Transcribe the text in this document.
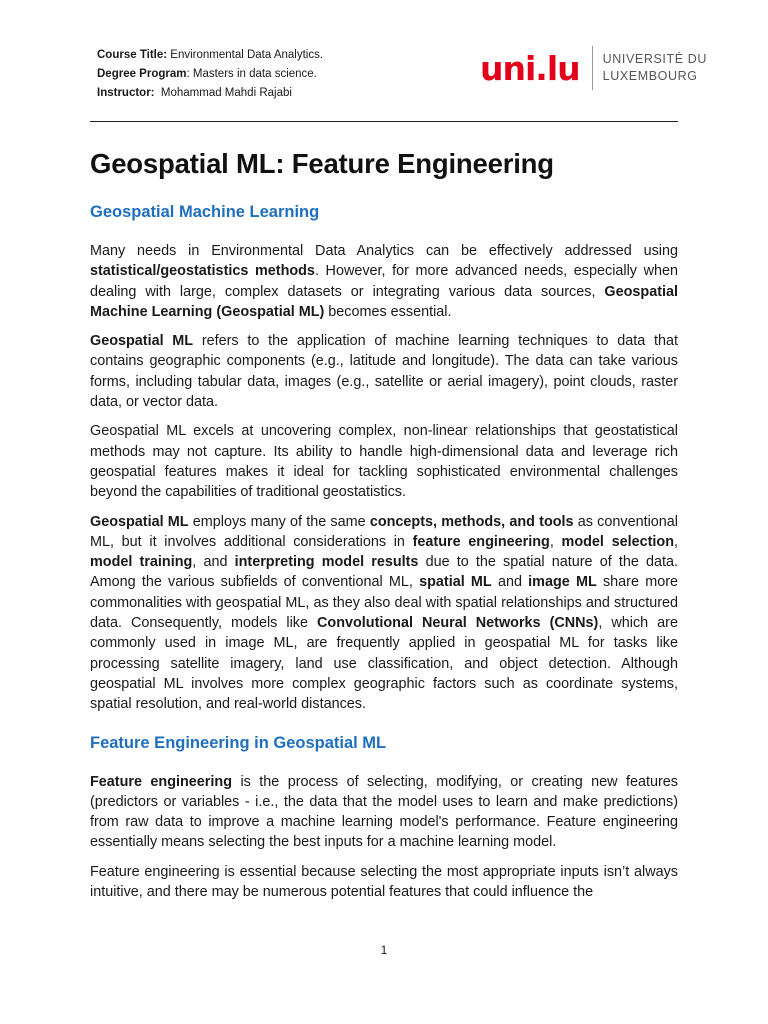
Course Title: Environmental Data Analytics.
Degree Program: Masters in data science.
Instructor: Mohammad Mahdi Rajabi
uni.lu UNIVERSITÉ DU
LUXEMBOURG
Geospatial ML: Feature Engineering
Geospatial Machine Learning

Many needs in Environmental Data Analytics can be effectively addressed using statistical/geostatistics methods. However, for more advanced needs, especially when dealing with large, complex datasets or integrating various data sources, Geospatial Machine Learning (Geospatial ML) becomes essential.

Geospatial ML refers to the application of machine learning techniques to data that contains geographic components (e.g., latitude and longitude). The data can take various forms, including tabular data, images (e.g., satellite or aerial imagery), point clouds, raster data, or vector data.

Geospatial ML excels at uncovering complex, non-linear relationships that geostatistical methods may not capture. Its ability to handle high-dimensional data and leverage rich geospatial features makes it ideal for tackling sophisticated environmental challenges beyond the capabilities of traditional geostatistics.

Geospatial ML employs many of the same concepts, methods, and tools as conventional ML, but it involves additional considerations in feature engineering, model selection, model training, and interpreting model results due to the spatial nature of the data. Among the various subfields of conventional ML, spatial ML and image ML share more commonalities with geospatial ML, as they also deal with spatial relationships and structured data. Consequently, models like Convolutional Neural Networks (CNNs), which are commonly used in image ML, are frequently applied in geospatial ML for tasks like processing satellite imagery, land use classification, and object detection. Although geospatial ML involves more complex geographic factors such as coordinate systems, spatial resolution, and real-world distances.

Feature Engineering in Geospatial ML

Feature engineering is the process of selecting, modifying, or creating new features (predictors or variables - i.e., the data that the model uses to learn and make predictions) from raw data to improve a machine learning model's performance. Feature engineering essentially means selecting the best inputs for a machine learning model.

Feature engineering is essential because selecting the most appropriate inputs isn’t always intuitive, and there may be numerous potential features that could influence the

1
